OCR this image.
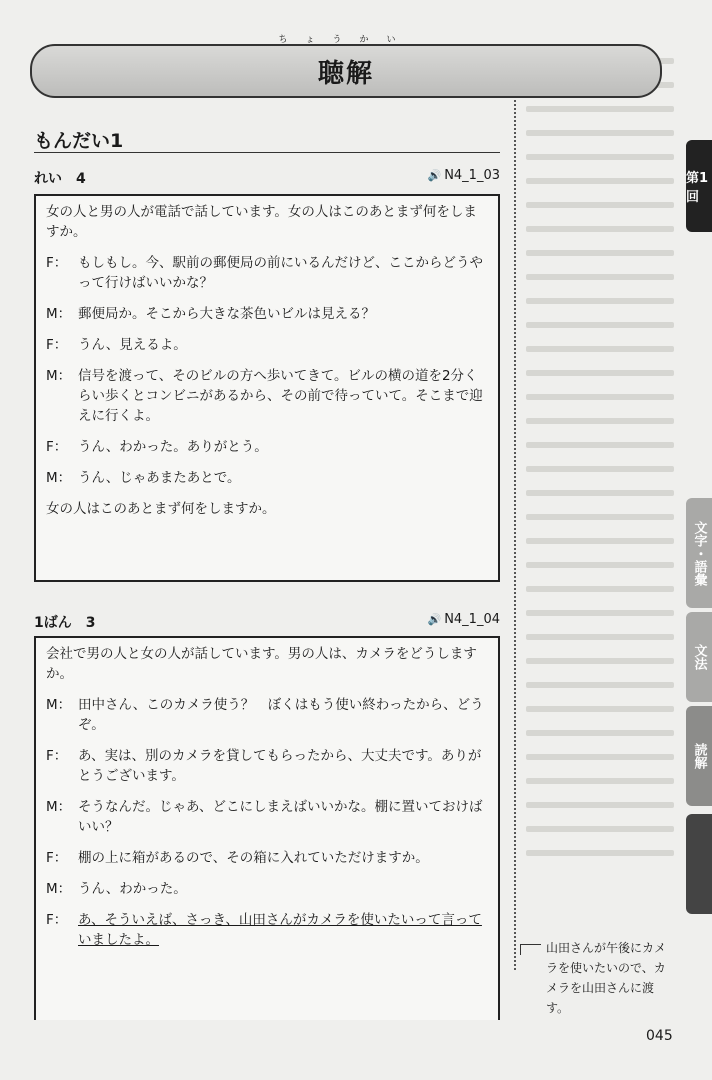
ちょうかい
聴解
もんだい1
れい　 4	🔊 N4_1_03
女の人と男の人が電話で話しています。女の人はこのあとまず何をしますか。
F： もしもし。今、駅前の郵便局の前にいるんだけど、ここからどうやって行けばいいかな？
M： 郵便局か。そこから大きな茶色いビルは見える？
F： うん、見えるよ。
M： 信号を渡って、そのビルの方へ歩いてきて。ビルの横の道を2分くらい歩くとコンビニがあるから、その前で待っていて。そこまで迎えに行くよ。
F： うん、わかった。ありがとう。
M： うん、じゃあまたあとで。
女の人はこのあとまず何をしますか。
1ばん　 3	🔊 N4_1_04
会社で男の人と女の人が話しています。男の人は、カメラをどうしますか。
M： 田中さん、このカメラ使う？　ぼくはもう使い終わったから、どうぞ。
F： あ、実は、別のカメラを貸してもらったから、大丈夫です。ありがとうございます。
M： そうなんだ。じゃあ、どこにしまえばいいかな。棚に置いておけばいい？
F： 棚の上に箱があるので、その箱に入れていただけますか。
M： うん、わかった。
F： あ、そういえば、さっき、山田さんがカメラを使いたいって言っていましたよ。	山田さんが午後にカメラを使いたいので、カメラを山田さんに渡す。
第1回
文字・語彙
文法
読解
045
